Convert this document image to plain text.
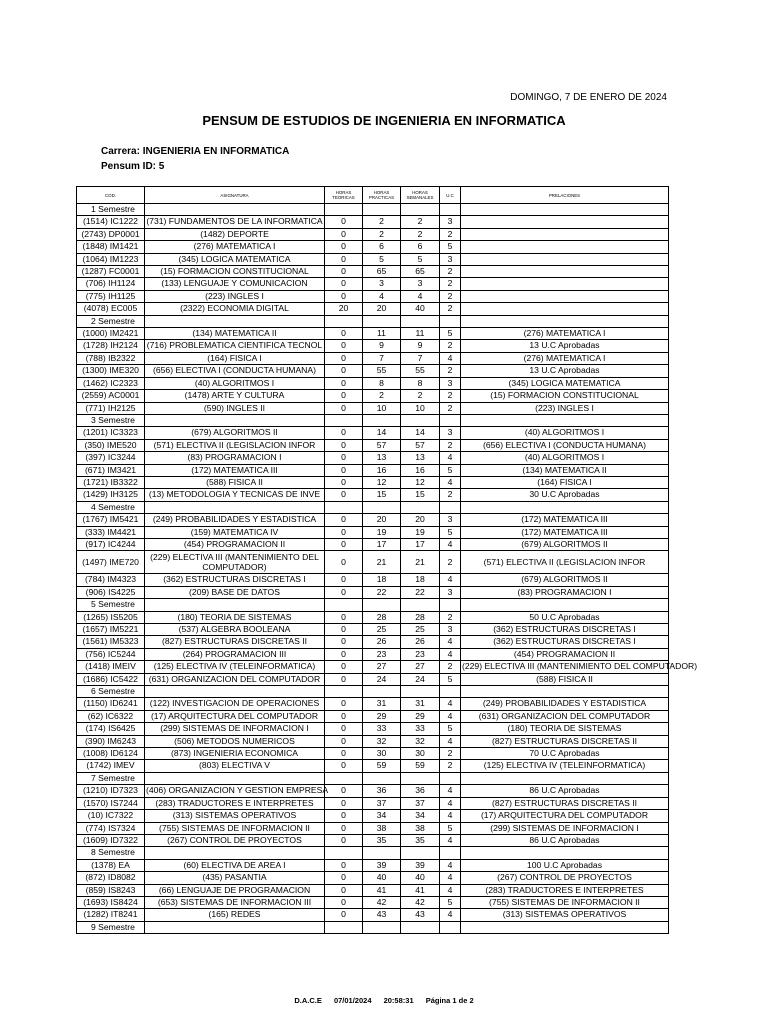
DOMINGO, 7 DE ENERO DE 2024
PENSUM DE ESTUDIOS DE INGENIERIA EN INFORMATICA
Carrera: INGENIERIA EN INFORMATICA
Pensum ID: 5
COD.	ASIGNATURA	HORAS TEORICAS	HORAS PRACTICAS	HORAS SEMANALES	U.C	PRELACIONES
1 Semestre						
(1514) IC1222	(731) FUNDAMENTOS DE LA INFORMATICA	0	2	2	3	
(2743) DP0001	(1482) DEPORTE	0	2	2	2	
(1848) IM1421	(276) MATEMATICA I	0	6	6	5	
(1064) IM1223	(345) LOGICA MATEMATICA	0	5	5	3	
(1287) FC0001	(15) FORMACION CONSTITUCIONAL	0	65	65	2	
(706) IH1124	(133) LENGUAJE Y COMUNICACION	0	3	3	2	
(775) IH1125	(223) INGLES I	0	4	4	2	
(4078) EC005	(2322) ECONOMIA DIGITAL	20	20	40	2	
2 Semestre						
(1000) IM2421	(134) MATEMATICA II	0	11	11	5	(276) MATEMATICA I
(1728) IH2124	(716) PROBLEMATICA CIENTIFICA TECNOL	0	9	9	2	13 U.C Aprobadas
(788) IB2322	(164) FISICA I	0	7	7	4	(276) MATEMATICA I
(1300) IME320	(656) ELECTIVA I (CONDUCTA HUMANA)	0	55	55	2	13 U.C Aprobadas
(1462) IC2323	(40) ALGORITMOS I	0	8	8	3	(345) LOGICA MATEMATICA
(2559) AC0001	(1478) ARTE Y CULTURA	0	2	2	2	(15) FORMACION CONSTITUCIONAL
(771) IH2125	(590) INGLES II	0	10	10	2	(223) INGLES I
3 Semestre						
(1201) IC3323	(679) ALGORITMOS II	0	14	14	3	(40) ALGORITMOS I
(350) IME520	(571) ELECTIVA II (LEGISLACION INFOR	0	57	57	2	(656) ELECTIVA I (CONDUCTA HUMANA)
(397) IC3244	(83) PROGRAMACION I	0	13	13	4	(40) ALGORITMOS I
(671) IM3421	(172) MATEMATICA III	0	16	16	5	(134) MATEMATICA II
(1721) IB3322	(588) FISICA II	0	12	12	4	(164) FISICA I
(1429) IH3125	(13) METODOLOGIA Y TECNICAS DE INVE	0	15	15	2	30 U.C Aprobadas
4 Semestre						
(1767) IM5421	(249) PROBABILIDADES Y ESTADISTICA	0	20	20	3	(172) MATEMATICA III
(333) IM4421	(159) MATEMATICA IV	0	19	19	5	(172) MATEMATICA III
(917) IC4244	(454) PROGRAMACION II	0	17	17	4	(679) ALGORITMOS II
(1497) IME720	(229) ELECTIVA III (MANTENIMIENTO DEL COMPUTADOR)	0	21	21	2	(571) ELECTIVA II (LEGISLACION INFOR
(784) IM4323	(362) ESTRUCTURAS DISCRETAS I	0	18	18	4	(679) ALGORITMOS II
(906) IS4225	(209) BASE DE DATOS	0	22	22	3	(83) PROGRAMACION I
5 Semestre						
(1265) IS5205	(180) TEORIA DE SISTEMAS	0	28	28	2	50 U.C Aprobadas
(1657) IM5221	(537) ALGEBRA BOOLEANA	0	25	25	3	(362) ESTRUCTURAS DISCRETAS I
(1561) IM5323	(827) ESTRUCTURAS DISCRETAS II	0	26	26	4	(362) ESTRUCTURAS DISCRETAS I
(756) IC5244	(264) PROGRAMACION III	0	23	23	4	(454) PROGRAMACION II
(1418) IMEIV	(125) ELECTIVA IV (TELEINFORMATICA)	0	27	27	2	(229) ELECTIVA III (MANTENIMIENTO DEL COMPUTADOR)
(1686) IC5422	(631) ORGANIZACION DEL COMPUTADOR	0	24	24	5	(588) FISICA II
6 Semestre						
(1150) ID6241	(122) INVESTIGACION DE OPERACIONES	0	31	31	4	(249) PROBABILIDADES Y ESTADISTICA
(62) IC6322	(17) ARQUITECTURA DEL COMPUTADOR	0	29	29	4	(631) ORGANIZACION DEL COMPUTADOR
(174) IS6425	(299) SISTEMAS DE INFORMACION I	0	33	33	5	(180) TEORIA DE SISTEMAS
(390) IM6243	(506) METODOS NUMERICOS	0	32	32	4	(827) ESTRUCTURAS DISCRETAS II
(1008) ID6124	(873) INGENIERIA ECONOMICA	0	30	30	2	70 U.C Aprobadas
(1742) IMEV	(803) ELECTIVA V	0	59	59	2	(125) ELECTIVA IV (TELEINFORMATICA)
7 Semestre						
(1210) ID7323	(406) ORGANIZACION Y GESTION EMPRESA	0	36	36	4	86 U.C Aprobadas
(1570) IS7244	(283) TRADUCTORES E INTERPRETES	0	37	37	4	(827) ESTRUCTURAS DISCRETAS II
(10) IC7322	(313) SISTEMAS OPERATIVOS	0	34	34	4	(17) ARQUITECTURA DEL COMPUTADOR
(774) IS7324	(755) SISTEMAS DE INFORMACION II	0	38	38	5	(299) SISTEMAS DE INFORMACION I
(1609) ID7322	(267) CONTROL DE PROYECTOS	0	35	35	4	86 U.C Aprobadas
8 Semestre						
(1378) EA	(60) ELECTIVA DE AREA I	0	39	39	4	100 U.C Aprobadas
(872) ID8082	(435) PASANTIA	0	40	40	4	(267) CONTROL DE PROYECTOS
(859) IS8243	(66) LENGUAJE DE PROGRAMACION	0	41	41	4	(283) TRADUCTORES E INTERPRETES
(1693) IS8424	(653) SISTEMAS DE INFORMACION III	0	42	42	5	(755) SISTEMAS DE INFORMACION II
(1282) IT8241	(165) REDES	0	43	43	4	(313) SISTEMAS OPERATIVOS
9 Semestre						
D.A.C.E 07/01/2024 20:58:31 Página 1 de 2
